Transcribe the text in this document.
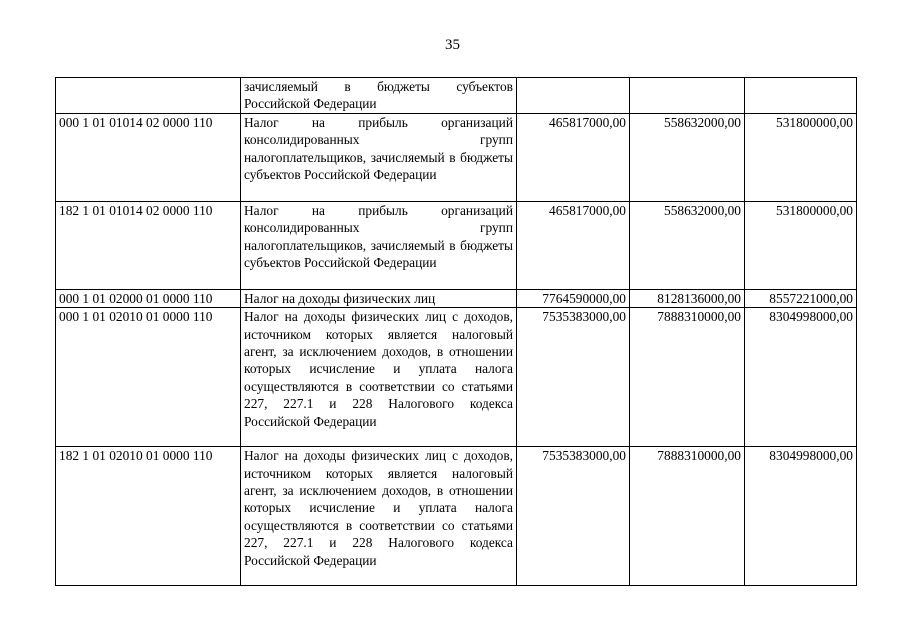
35
	зачисляемый в бюджеты субъектов Российской Федерации			
000 1 01 01014 02 0000 110	Налог на прибыль организаций консолидированных групп налогоплательщиков, зачисляемый в бюджеты субъектов Российской Федерации	465817000,00	558632000,00	531800000,00
182 1 01 01014 02 0000 110	Налог на прибыль организаций консолидированных групп налогоплательщиков, зачисляемый в бюджеты субъектов Российской Федерации	465817000,00	558632000,00	531800000,00
000 1 01 02000 01 0000 110	Налог на доходы физических лиц	7764590000,00	8128136000,00	8557221000,00
000 1 01 02010 01 0000 110	Налог на доходы физических лиц с доходов, источником которых является налоговый агент, за исключением доходов, в отношении которых исчисление и уплата налога осуществляются в соответствии со статьями 227, 227.1 и 228 Налогового кодекса Российской Федерации	7535383000,00	7888310000,00	8304998000,00
182 1 01 02010 01 0000 110	Налог на доходы физических лиц с доходов, источником которых является налоговый агент, за исключением доходов, в отношении которых исчисление и уплата налога осуществляются в соответствии со статьями 227, 227.1 и 228 Налогового кодекса Российской Федерации	7535383000,00	7888310000,00	8304998000,00
